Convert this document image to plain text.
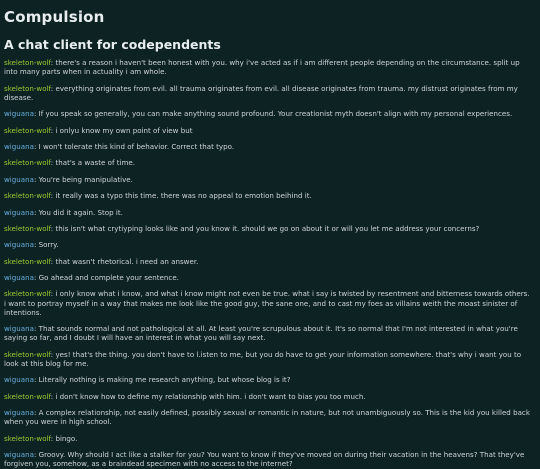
Compulsion
A chat client for codependents
skeleton-wolf: there's a reason i haven't been honest with you. why i've acted as if i am different people depending on the circumstance. split up into many parts when in actuality i am whole.
skeleton-wolf: everything originates from evil. all trauma originates from evil. all disease originates from trauma. my distrust originates from my disease.
wiguana: If you speak so generally, you can make anything sound profound. Your creationist myth doesn't align with my personal experiences.
skeleton-wolf: i onlyu know my own point of view but
wiguana: I won't tolerate this kind of behavior. Correct that typo.
skeleton-wolf: that's a waste of time.
wiguana: You're being manipulative.
skeleton-wolf: it really was a typo this time. there was no appeal to emotion beihind it.
wiguana: You did it again. Stop it.
skeleton-wolf: this isn't what crytiyping looks like and you know it. should we go on about it or will you let me address your concerns?
wiguana: Sorry.
skeleton-wolf: that wasn't rhetorical. i need an answer.
wiguana: Go ahead and complete your sentence.
skeleton-wolf: i only know what i know, and what i know might not even be true. what i say is twisted by resentment and bitterness towards others. i want to portray myself in a way that makes me look like the good guy, the sane one, and to cast my foes as villains weith the moast sinister of intentions.
wiguana: That sounds normal and not pathological at all. At least you're scrupulous about it. It's so normal that I'm not interested in what you're saying so far, and I doubt I will have an interest in what you will say next.
skeleton-wolf: yes! that's the thing. you don't have to l.isten to me, but you do have to get your information somewhere. that's why i want you to look at this blog for me.
wiguana: Literally nothing is making me research anything, but whose blog is it?
skeleton-wolf: i don't know how to define my relationship with him. i don't want to bias you too much.
wiguana: A complex relationship, not easily defined, possibly sexual or romantic in nature, but not unambiguously so. This is the kid you killed back when you were in high school.
skeleton-wolf: bingo.
wiguana: Groovy. Why should I act like a stalker for you? You want to know if they've moved on during their vacation in the heavens? That they've forgiven you, somehow, as a braindead specimen with no access to the internet?
